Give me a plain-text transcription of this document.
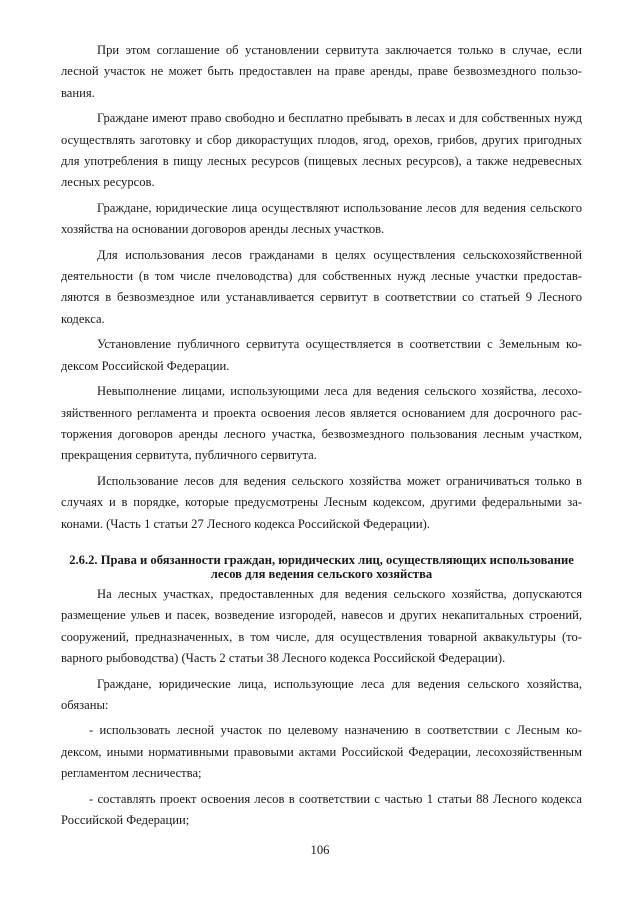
При этом соглашение об установлении сервитута заключается только в случае, если лесной участок не может быть предоставлен на праве аренды, праве безвозмездного пользования.

Граждане имеют право свободно и бесплатно пребывать в лесах и для собственных нужд осуществлять заготовку и сбор дикорастущих плодов, ягод, орехов, грибов, других пригодных для употребления в пищу лесных ресурсов (пищевых лесных ресурсов), а также недревесных лесных ресурсов.

Граждане, юридические лица осуществляют использование лесов для ведения сельского хозяйства на основании договоров аренды лесных участков.

Для использования лесов гражданами в целях осуществления сельскохозяйственной деятельности (в том числе пчеловодства) для собственных нужд лесные участки предоставляются в безвозмездное или устанавливается сервитут в соответствии со статьей 9 Лесного кодекса.

Установление публичного сервитута осуществляется в соответствии с Земельным кодексом Российской Федерации.

Невыполнение лицами, использующими леса для ведения сельского хозяйства, лесохозяйственного регламента и проекта освоения лесов является основанием для досрочного расторжения договоров аренды лесного участка, безвозмездного пользования лесным участком, прекращения сервитута, публичного сервитута.

Использование лесов для ведения сельского хозяйства может ограничиваться только в случаях и в порядке, которые предусмотрены Лесным кодексом, другими федеральными законами. (Часть 1 статьи 27 Лесного кодекса Российской Федерации).

2.6.2. Права и обязанности граждан, юридических лиц, осуществляющих использование
лесов для ведения сельского хозяйства

На лесных участках, предоставленных для ведения сельского хозяйства, допускаются размещение ульев и пасек, возведение изгородей, навесов и других некапитальных строений, сооружений, предназначенных, в том числе, для осуществления товарной аквакультуры (товарного рыбоводства) (Часть 2 статьи 38 Лесного кодекса Российской Федерации).

Граждане, юридические лица, использующие леса для ведения сельского хозяйства, обязаны:

- использовать лесной участок по целевому назначению в соответствии с Лесным кодексом, иными нормативными правовыми актами Российской Федерации, лесохозяйственным регламентом лесничества;

- составлять проект освоения лесов в соответствии с частью 1 статьи 88 Лесного кодекса Российской Федерации;

106
